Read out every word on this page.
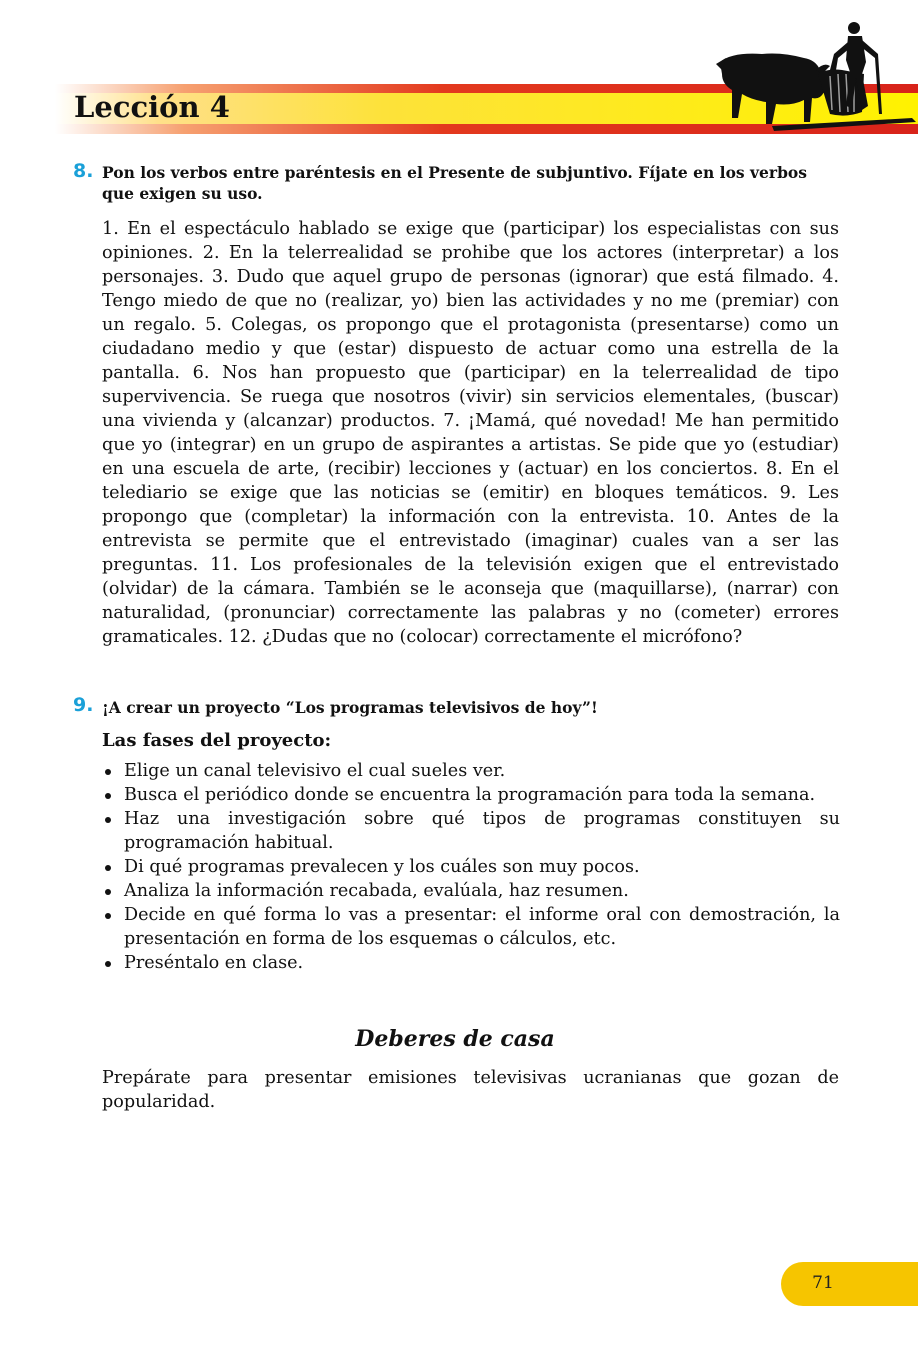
Lección 4
8. Pon los verbos entre paréntesis en el Presente de subjuntivo. Fíjate en los verbos que exigen su uso.

1. En el espectáculo hablado se exige que (participar) los especialistas con sus opiniones. 2. En la telerrealidad se prohibe que los actores (interpretar) a los personajes. 3. Dudo que aquel grupo de personas (ignorar) que está filmado. 4. Tengo miedo de que no (realizar, yo) bien las actividades y no me (premiar) con un regalo. 5. Colegas, os propongo que el protagonista (presentarse) como un ciudadano medio y que (estar) dispuesto de actuar como una estrella de la pantalla. 6. Nos han propuesto que (participar) en la telerrealidad de tipo supervivencia. Se ruega que nosotros (vivir) sin servicios elementales, (buscar) una vivienda y (alcanzar) productos. 7. ¡Mamá, qué novedad! Me han permitido que yo (integrar) en un grupo de aspirantes a artistas. Se pide que yo (estudiar) en una escuela de arte, (recibir) lecciones y (actuar) en los conciertos. 8. En el telediario se exige que las noticias se (emitir) en bloques temáticos. 9. Les propongo que (completar) la información con la entrevista. 10. Antes de la entrevista se permite que el entrevistado (imaginar) cuales van a ser las preguntas. 11. Los profesionales de la televisión exigen que el entrevistado (olvidar) de la cámara. También se le aconseja que (maquillarse), (narrar) con naturalidad, (pronunciar) correctamente las palabras y no (cometer) errores gramaticales. 12. ¿Dudas que no (colocar) correctamente el micrófono?

9. ¡A crear un proyecto “Los programas televisivos de hoy”!

Las fases del proyecto:

Elige un canal televisivo el cual sueles ver.
Busca el periódico donde se encuentra la programación para toda la semana.
Haz una investigación sobre qué tipos de programas constituyen su programación habitual.
Di qué programas prevalecen y los cuáles son muy pocos.
Analiza la información recabada, evalúala, haz resumen.
Decide en qué forma lo vas a presentar: el informe oral con demostración, la presentación en forma de los esquemas o cálculos, etc.
Preséntalo en clase.
Deberes de casa

Prepárate para presentar emisiones televisivas ucranianas que gozan de popularidad.

71
